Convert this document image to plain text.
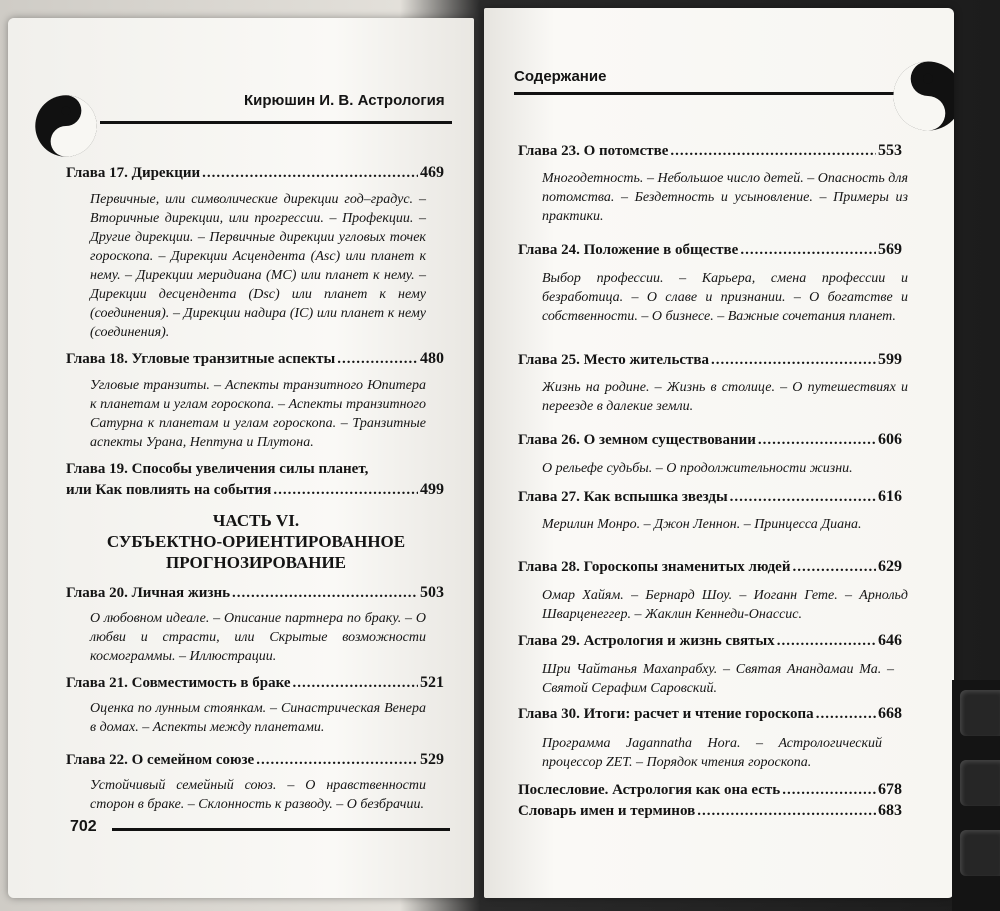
Кирюшин И. В. Астрология
Глава 17. Дирекции .....	469
Первичные, или символические дирекции год–градус. – Вторичные дирекции, или прогрессии. – Профекции. – Другие дирекции. – Первичные дирекции угловых точек гороскопа. – Дирекции Асцендента (Asc) или планет к нему. – Дирекции меридиана (MC) или планет к нему. – Дирекции десцендента (Dsc) или планет к нему (соединения). – Дирекции надира (IC) или планет к нему (соединения).
Глава 18. Угловые транзитные аспекты .....	480
Угловые транзиты. – Аспекты транзитного Юпитера к планетам и углам гороскопа. – Аспекты транзитного Сатурна к планетам и углам гороскопа. – Транзитные аспекты Урана, Нептуна и Плутона.
Глава 19. Способы увеличения силы планет,
или Как повлиять на события .....	499
ЧАСТЬ VI.
СУБЪЕКТНО-ОРИЕНТИРОВАННОЕ
ПРОГНОЗИРОВАНИЕ
Глава 20. Личная жизнь .....	503
О любовном идеале. – Описание партнера по браку. – О любви и страсти, или Скрытые возможности космограммы. – Иллюстрации.
Глава 21. Совместимость в браке .....	521
Оценка по лунным стоянкам. – Синастрическая Венера в домах. – Аспекты между планетами.
Глава 22. О семейном союзе .....	529
Устойчивый семейный союз. – О нравственности сторон в браке. – Склонность к разводу. – О безбрачии.
702
Содержание
Глава 23. О потомстве .....	553
Многодетность. – Небольшое число детей. – Опасность для потомства. – Бездетность и усыновление. – Примеры из практики.
Глава 24. Положение в обществе .....	569
Выбор профессии. – Карьера, смена профессии и безработица. – О славе и признании. – О богатстве и собственности. – О бизнесе. – Важные сочетания планет.
Глава 25. Место жительства .....	599
Жизнь на родине. – Жизнь в столице. – О путешествиях и переезде в далекие земли.
Глава 26. О земном существовании .....	606
О рельефе судьбы. – О продолжительности жизни.
Глава 27. Как вспышка звезды .....	616
Мерилин Монро. – Джон Леннон. – Принцесса Диана.
Глава 28. Гороскопы знаменитых людей .....	629
Омар Хайям. – Бернард Шоу. – Иоганн Гете. – Арнольд Шварценеггер. – Жаклин Кеннеди-Онассис.
Глава 29. Астрология и жизнь святых .....	646
Шри Чайтанья Махапрабху. – Святая Анандамаи Ма. – Святой Серафим Саровский.
Глава 30. Итоги: расчет и чтение гороскопа .....	668
Программа Jagannatha Hora. – Астрологический процессор ZET. – Порядок чтения гороскопа.
Послесловие. Астрология как она есть .....	678
Словарь имен и терминов .....	683
